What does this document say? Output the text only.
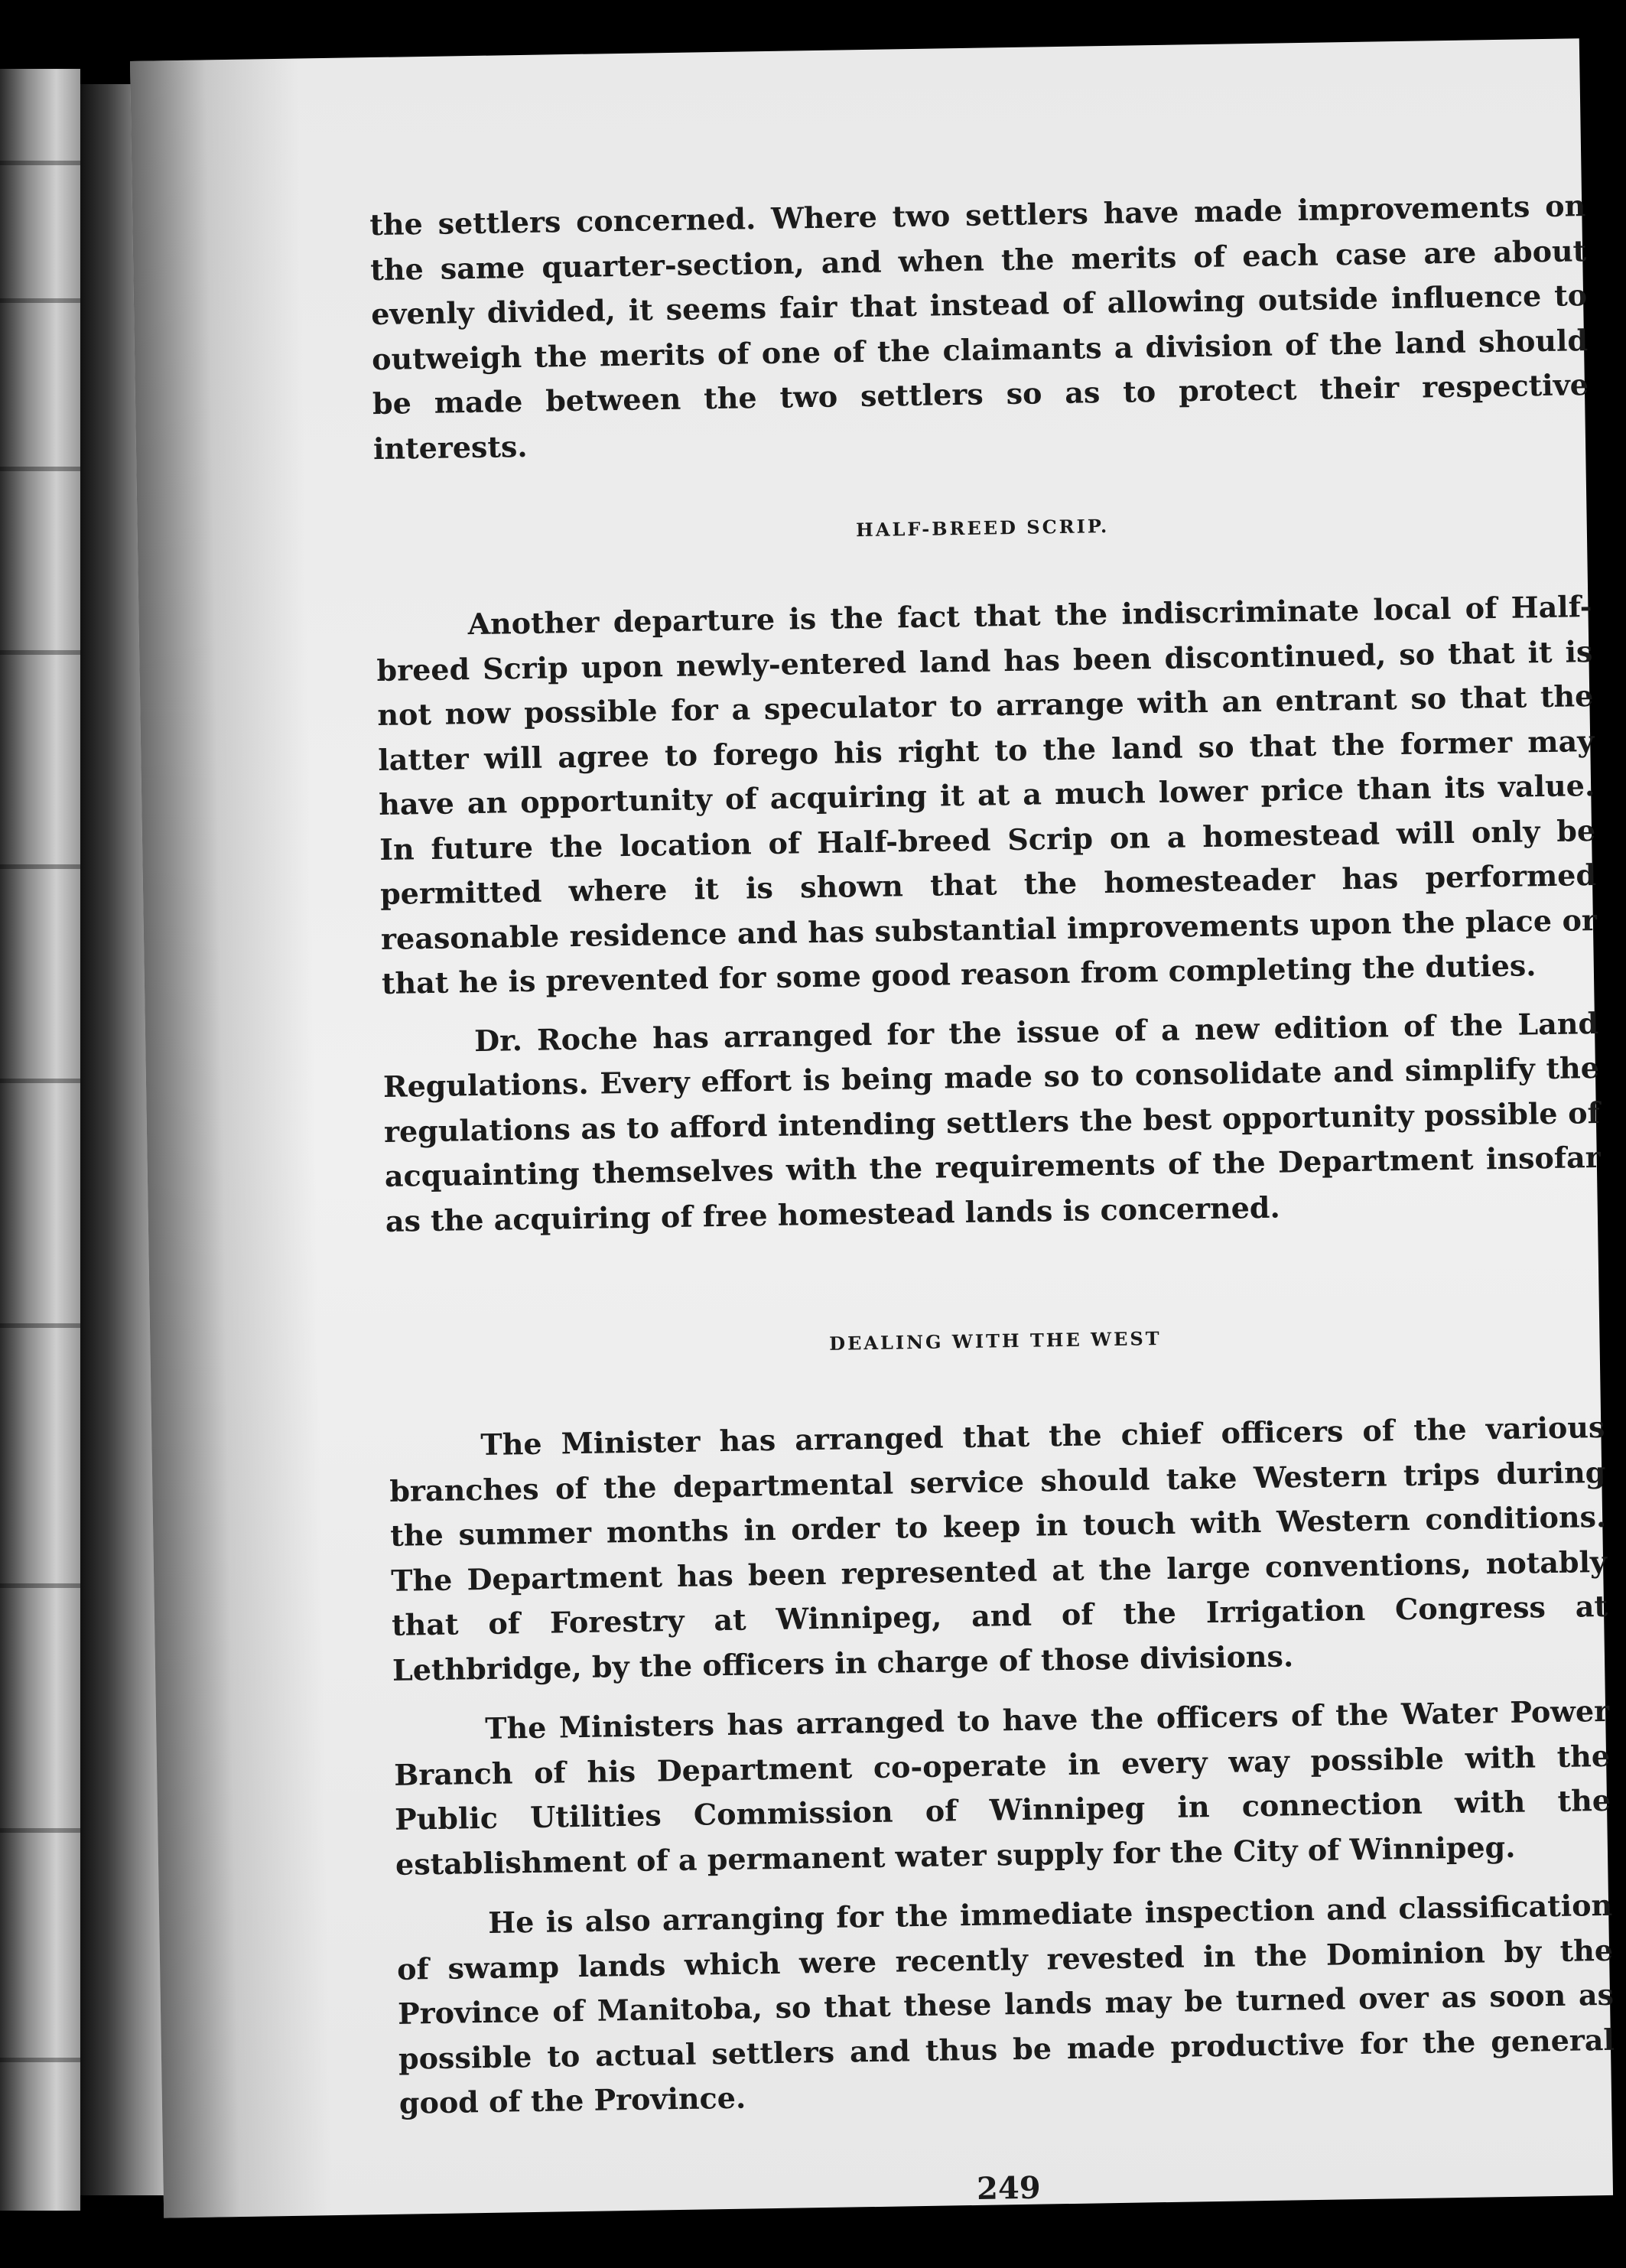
the settlers concerned. Where two settlers have made improvements on the same quarter-section, and when the merits of each case are about evenly divided, it seems fair that instead of allowing outside influence to outweigh the merits of one of the claimants a division of the land should be made between the two settlers so as to protect their respective interests.

HALF-BREED SCRIP.

Another departure is the fact that the indiscriminate local of Half-breed Scrip upon newly-entered land has been discontinued, so that it is not now possible for a speculator to arrange with an entrant so that the latter will agree to forego his right to the land so that the former may have an opportunity of acquiring it at a much lower price than its value. In future the location of Half-breed Scrip on a homestead will only be permitted where it is shown that the homesteader has performed reasonable residence and has substantial improvements upon the place or that he is prevented for some good reason from completing the duties.

Dr. Roche has arranged for the issue of a new edition of the Land Regulations. Every effort is being made so to consolidate and simplify the regulations as to afford intending settlers the best opportunity possible of acquainting themselves with the requirements of the Department insofar as the acquiring of free homestead lands is concerned.

DEALING WITH THE WEST

The Minister has arranged that the chief officers of the various branches of the departmental service should take Western trips during the summer months in order to keep in touch with Western conditions. The Department has been represented at the large conventions, notably that of Forestry at Winnipeg, and of the Irrigation Congress at Lethbridge, by the officers in charge of those divisions.

The Ministers has arranged to have the officers of the Water Power Branch of his Department co-operate in every way possible with the Public Utilities Commission of Winnipeg in connection with the establishment of a permanent water supply for the City of Winnipeg.

He is also arranging for the immediate inspection and classification of swamp lands which were recently revested in the Dominion by the Province of Manitoba, so that these lands may be turned over as soon as possible to actual settlers and thus be made productive for the general good of the Province.

249
